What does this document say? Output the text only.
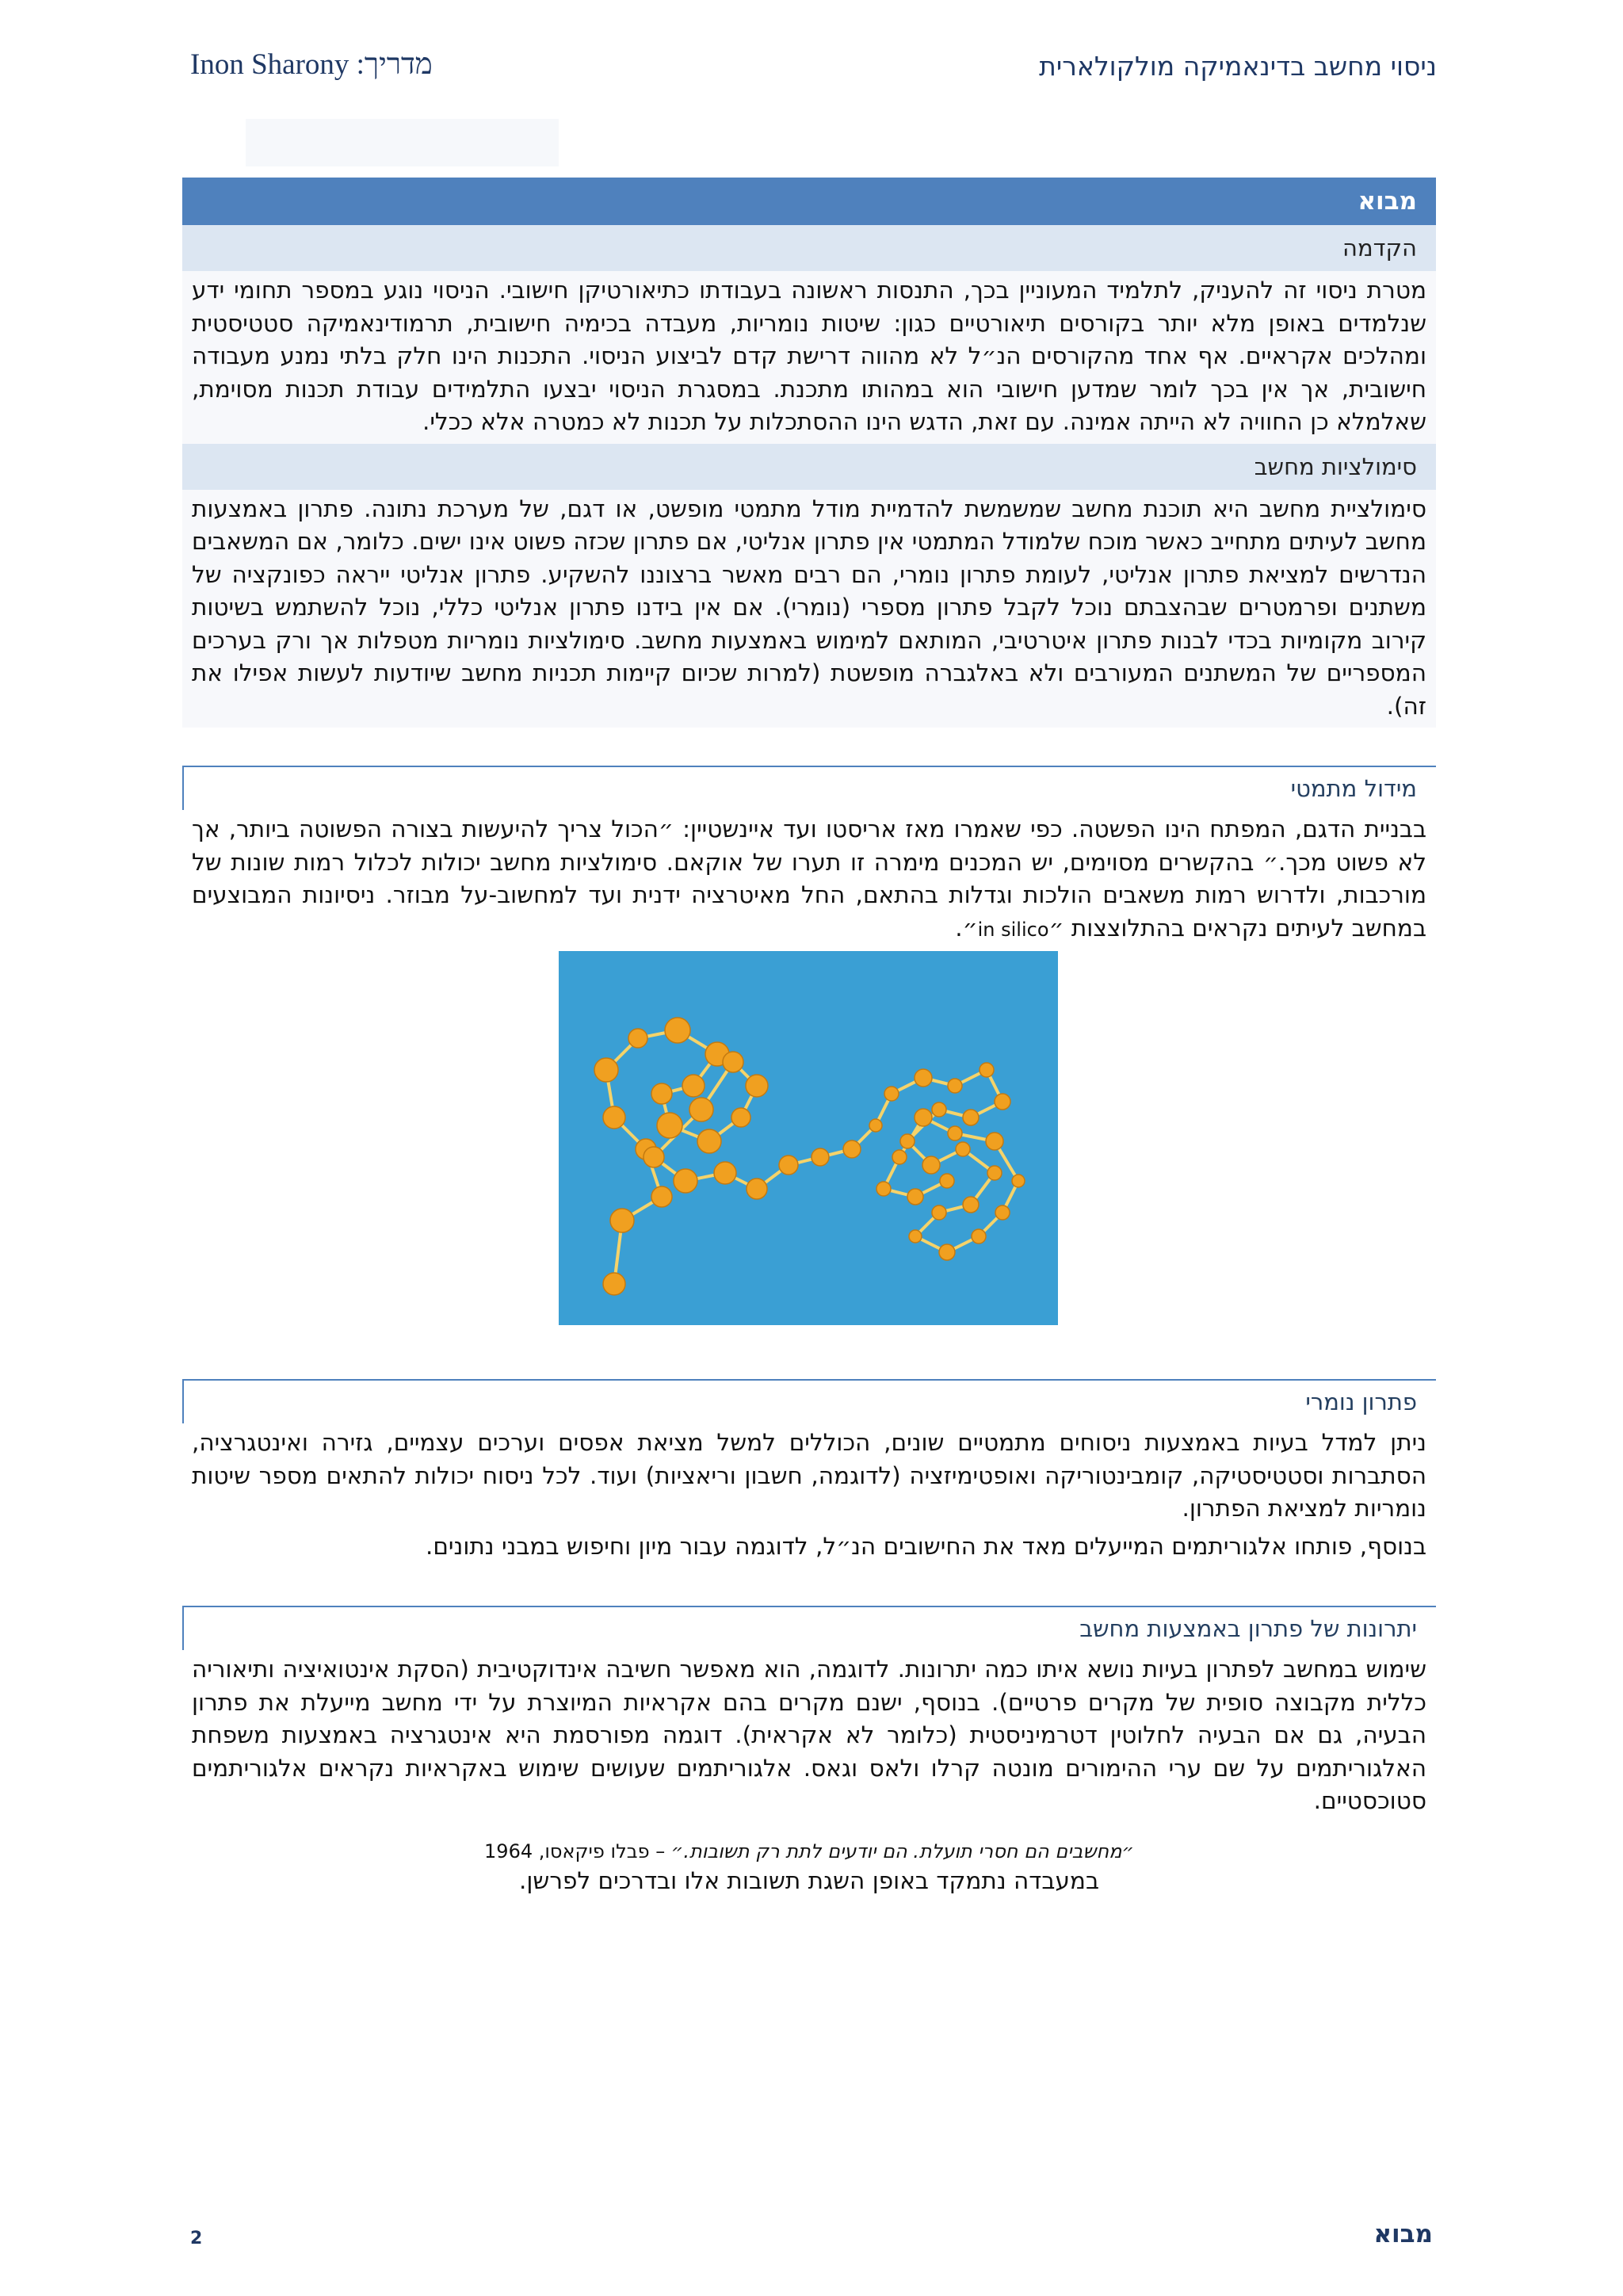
מדריך: Inon Sharony	ניסוי מחשב בדינאמיקה מולקולארית
מבוא
הקדמה

מטרת ניסוי זה להעניק, לתלמיד המעוניין בכך, התנסות ראשונה בעבודתו כתיאורטיקן חישובי. הניסוי נוגע במספר תחומי ידע שנלמדים באופן מלא יותר בקורסים תיאורטיים כגון: שיטות נומריות, מעבדה בכימיה חישובית, תרמודינאמיקה סטטיסטית ומהלכים אקראיים. אף אחד מהקורסים הנ״ל לא מהווה דרישת קדם לביצוע הניסוי. התכנות הינו חלק בלתי נמנע מעבודה חישובית, אך אין בכך לומר שמדען חישובי הוא במהותו מתכנת. במסגרת הניסוי יבצעו התלמידים עבודת תכנות מסוימת, שאלמלא כן החוויה לא הייתה אמינה. עם זאת, הדגש הינו ההסתכלות על תכנות לא כמטרה אלא ככלי.

סימולציות מחשב

סימולציית מחשב היא תוכנת מחשב שמשמשת להדמיית מודל מתמטי מופשט, או דגם, של מערכת נתונה. פתרון באמצעות מחשב לעיתים מתחייב כאשר מוכח שלמודל המתמטי אין פתרון אנליטי, אם פתרון שכזה פשוט אינו ישים. כלומר, אם המשאבים הנדרשים למציאת פתרון אנליטי, לעומת פתרון נומרי, הם רבים מאשר ברצוננו להשקיע. פתרון אנליטי ייראה כפונקציה של משתנים ופרמטרים שבהצבתם נוכל לקבל פתרון מספרי (נומרי). אם אין בידנו פתרון אנליטי כללי, נוכל להשתמש בשיטות קירוב מקומיות בכדי לבנות פתרון איטרטיבי, המותאם למימוש באמצעות מחשב. סימולציות נומריות מטפלות אך ורק בערכים המספריים של המשתנים המעורבים ולא באלגברה מופשטת (למרות שכיום קיימות תכניות מחשב שיודעות לעשות אפילו את זה).

מידול מתמטי

בבניית הדגם, המפתח הינו הפשטה. כפי שאמרו מאז אריסטו ועד איינשטיין: ״הכול צריך להיעשות בצורה הפשוטה ביותר, אך לא פשוט מכך.״ בהקשרים מסוימים, יש המכנים מימרה זו תערו של אוקאם. סימולציות מחשב יכולות לכלול רמות שונות של מורכבות, ולדרוש רמות משאבים הולכות וגדלות בהתאם, החל מאיטרציה ידנית ועד למחשוב-על מבוזר. ניסיונות המבוצעים במחשב לעיתים נקראים בהתלוצצות ״in silico״.

פתרון נומרי

ניתן למדל בעיות באמצעות ניסוחים מתמטיים שונים, הכוללים למשל מציאת אפסים וערכים עצמיים, גזירה ואינטגרציה, הסתברות וסטטיסטיקה, קומבינטוריקה ואופטימיזציה (לדוגמה, חשבון וריאציות) ועוד. לכל ניסוח יכולות להתאים מספר שיטות נומריות למציאת הפתרון.

בנוסף, פותחו אלגוריתמים המייעלים מאד את החישובים הנ״ל, לדוגמה עבור מיון וחיפוש במבני נתונים.

יתרונות של פתרון באמצעות מחשב

שימוש במחשב לפתרון בעיות נושא איתו כמה יתרונות. לדוגמה, הוא מאפשר חשיבה אינדוקטיבית (הסקת אינטואיציה ותיאוריה כללית מקבוצה סופית של מקרים פרטיים). בנוסף, ישנם מקרים בהם אקראיות המיוצרת על ידי מחשב מייעלת את פתרון הבעיה, גם אם הבעיה לחלוטין דטרמיניסטית (כלומר לא אקראית). דוגמה מפורסמת היא אינטגרציה באמצעות משפחת האלגוריתמים על שם ערי ההימורים מונטה קרלו ולאס וגאס. אלגוריתמים שעושים שימוש באקראיות נקראים אלגוריתמים סטוכסטיים.

״מחשבים הם חסרי תועלת. הם יודעים לתת רק תשובות.״ – פבלו פיקאסו, 1964
במעבדה נתמקד באופן השגת תשובות אלו ובדרכים לפרשן.
2	מבוא
